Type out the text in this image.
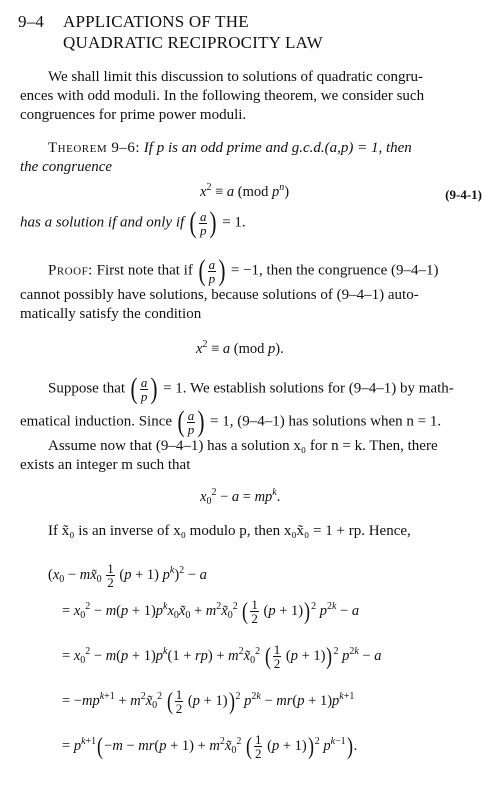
9–4 APPLICATIONS OF THE
QUADRATIC RECIPROCITY LAW
We shall limit this discussion to solutions of quadratic congru-
ences with odd moduli. In the following theorem, we consider such
congruences for prime power moduli.
Theorem 9–6: If p is an odd prime and g.c.d.(a,p) = 1, then
the congruence
$x^2 \equiv a$ (mod $p^n$)	(9-4-1)
has a solution if and only if ( $\frac{a}{p}$ ) = 1.
Proof: First note that if ( $\frac{a}{p}$ ) = −1, then the congruence (9–4–1)
cannot possibly have solutions, because solutions of (9–4–1) auto-
matically satisfy the condition
$x^2 \equiv a$ (mod p).
Suppose that ( $\frac{a}{p}$ ) = 1. We establish solutions for (9–4–1) by math-
ematical induction. Since ( $\frac{a}{p}$ ) = 1, (9–4–1) has solutions when n = 1.
Assume now that (9–4–1) has a solution x₀ for n = k. Then, there
exists an integer m such that
$x_0^2 - a = mp^k$.
If x̃₀ is an inverse of x₀ modulo p, then x₀x̃₀ = 1 + rp. Hence,
($x_0$ − $mx̃_0 \frac{1}{2} (p + 1) p^k)^2 - a$
= $x_0^2 - m(p$ + $1)p^kx_0x̃_0$ + $m^2x̃_0^2$ ( $\frac{1}{2} (p + 1))^2$ $p^{2k} - a$
= $x_0^2 - m(p + 1)p^k(1 + rp)$ + $m^2x̃_0^2$ ( $\frac{1}{2} (p + 1))^2$ $p^{2k} - a$
= $-mp^{k+1}$ + $m^2x̃_0^2$ ( $\frac{1}{2} (p + 1))^2$ $p^{2k} - mr(p + 1)p^{k+1}$
= $p^{k+1}(-m - mr(p + 1)$ + $m^2x̃_0^2$ ( $\frac{1}{2} (p + 1))^2$ $p^{k-1}$).
